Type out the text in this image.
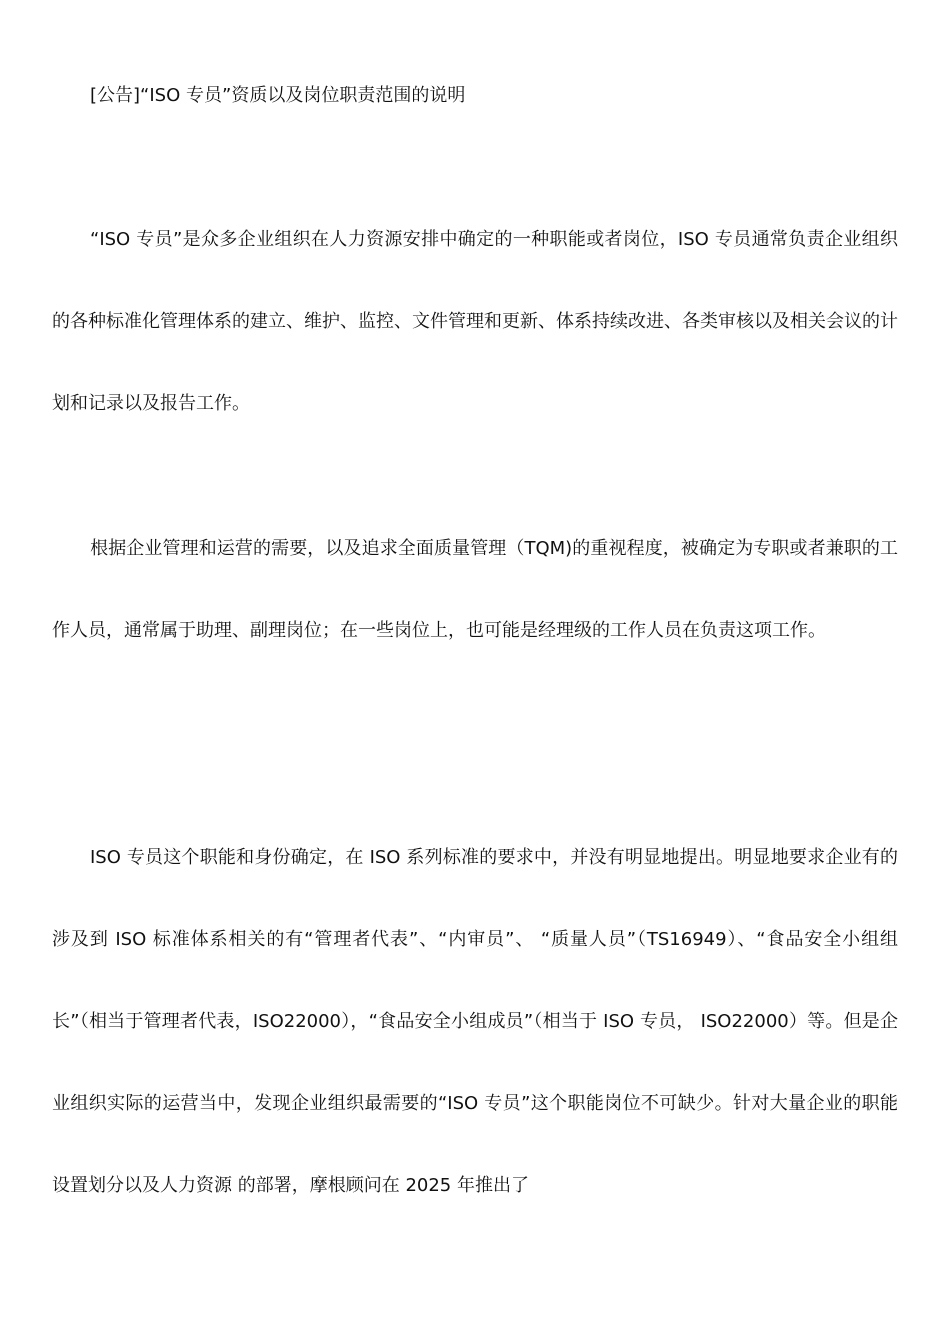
[公告]“ISO 专员”资质以及岗位职责范围的说明
“ISO 专员”是众多企业组织在人力资源安排中确定的一种职能或者岗位，ISO 专员通常负责企业组织的各种标准化管理体系的建立、维护、监控、文件管理和更新、体系持续改进、各类审核以及相关会议的计划和记录以及报告工作。
根据企业管理和运营的需要，以及追求全面质量管理（TQM)的重视程度，被确定为专职或者兼职的工作人员，通常属于助理、副理岗位；在一些岗位上，也可能是经理级的工作人员在负责这项工作。
ISO 专员这个职能和身份确定，在 ISO 系列标准的要求中，并没有明显地提出。明显地要求企业有的涉及到 ISO 标准体系相关的有“管理者代表”、“内审员”、 “质量人员”（TS16949）、“食品安全小组组长”（相当于管理者代表，ISO22000），“食品安全小组成员”（相当于 ISO 专员， ISO22000）等。但是企业组织实际的运营当中，发现企业组织最需要的“ISO 专员”这个职能岗位不可缺少。针对大量企业的职能设置划分以及人力资源 的部署，摩根顾问在 2025 年推出了
